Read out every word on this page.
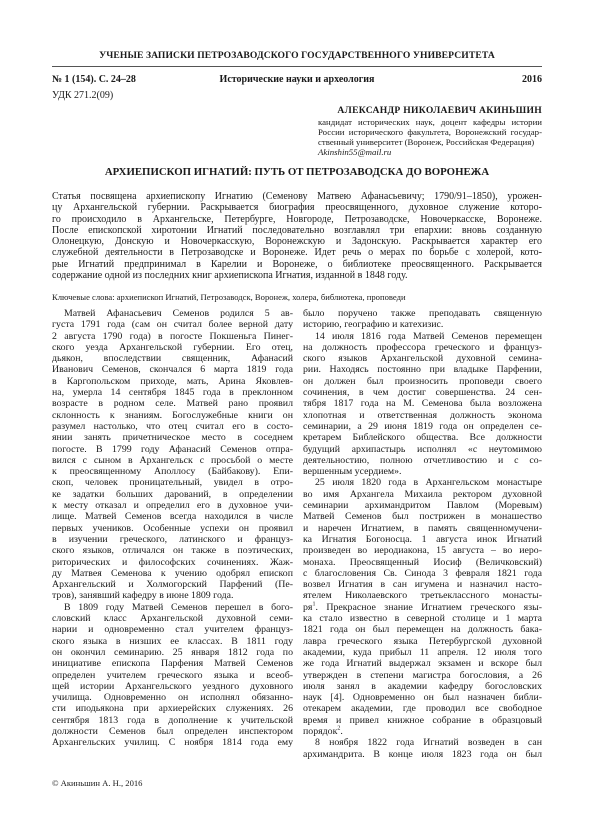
УЧЕНЫЕ ЗАПИСКИ ПЕТРОЗАВОДСКОГО ГОСУДАРСТВЕННОГО УНИВЕРСИТЕТА
Исторические науки и археология
№ 1 (154). С. 24–28	2016
УДК 271.2(09)
АЛЕКСАНДР НИКОЛАЕВИЧ АКИНЬШИН
кандидат исторических наук, доцент кафедры истории
России исторического факультета, Воронежский государ-
ственный университет (Воронеж, Российская Федерация)
Akinshin55@mail.ru
АРХИЕПИСКОП ИГНАТИЙ: ПУТЬ ОТ ПЕТРОЗАВОДСКА ДО ВОРОНЕЖА
Статья посвящена архиепископу Игнатию (Семенову Матвею Афанасьевичу; 1790/91–1850), урожен-
цу Архангельской губернии. Раскрывается биография преосвященного, духовное служение которо-
го происходило в Архангельске, Петербурге, Новгороде, Петрозаводске, Новочеркасске, Воронеже.
После епископской хиротонии Игнатий последовательно возглавлял три епархии: вновь созданную
Олонецкую, Донскую и Новочеркасскую, Воронежскую и Задонскую. Раскрывается характер его
служебной деятельности в Петрозаводске и Воронеже. Идет речь о мерах по борьбе с холерой, кото-
рые Игнатий предпринимал в Карелии и Воронеже, о библиотеке преосвященного. Раскрывается
содержание одной из последних книг архиепископа Игнатия, изданной в 1848 году.
Ключевые слова: архиепископ Игнатий, Петрозаводск, Воронеж, холера, библиотека, проповеди
Матвей Афанасьевич Семенов родился 5 ав-
густа 1791 года (сам он считал более верной дату
2 августа 1790 года) в погосте Покшеньга Пинег-
ского уезда Архангельской губернии. Его отец,
дьякон, впоследствии священник, Афанасий
Иванович Семенов, скончался 6 марта 1819 года
в Каргопольском приходе, мать, Арина Яковлев-
на, умерла 14 сентября 1845 года в преклонном
возрасте в родном селе. Матвей рано проявил
склонность к знаниям. Богослужебные книги он
разумел настолько, что отец считал его в состо-
янии занять причетническое место в соседнем
погосте. В 1799 году Афанасий Семенов отпра-
вился с сыном в Архангельск с просьбой о месте
к преосвященному Аполлосу (Байбакову). Епи-
скоп, человек проницательный, увидел в отро-
ке задатки больших дарований, в определении
к месту отказал и определил его в духовное учи-
лище. Матвей Семенов всегда находился в числе
первых учеников. Особенные успехи он проявил
в изучении греческого, латинского и француз-
ского языков, отличался он также в поэтических,
риторических и философских сочинениях. Жаж-
ду Матвея Семенова к учению одобрял епископ
Архангельский и Холмогорский Парфений (Пе-
тров), занявший кафедру в июне 1809 года.
В 1809 году Матвей Семенов перешел в бого-
словский класс Архангельской духовной семи-
нарии и одновременно стал учителем француз-
ского языка в низших ее классах. В 1811 году
он окончил семинарию. 25 января 1812 года по
инициативе епископа Парфения Матвей Семенов
определен учителем греческого языка и всеоб-
щей истории Архангельского уездного духовного
училища. Одновременно он исполнял обязанно-
сти иподьякона при архиерейских служениях. 26
сентября 1813 года в дополнение к учительской
должности Семенов был определен инспектором
Архангельских училищ. С ноября 1814 года ему
было поручено также преподавать священную
историю, географию и катехизис.
14 июля 1816 года Матвей Семенов перемещен
на должность профессора греческого и француз-
ского языков Архангельской духовной семина-
рии. Находясь постоянно при владыке Парфении,
он должен был произносить проповеди своего
сочинения, в чем достиг совершенства. 24 сен-
тября 1817 года на М. Семенова была возложена
хлопотная и ответственная должность эконома
семинарии, а 29 июня 1819 года он определен се-
кретарем Библейского общества. Все должности
будущий архипастырь исполнял «с неутомимою
деятельностию, полною отчетливостию и с со-
вершенным усердием».
25 июля 1820 года в Архангельском монастыре
во имя Архангела Михаила ректором духовной
семинарии архимандритом Павлом (Моревым)
Матвей Семенов был пострижен в монашество
и наречен Игнатием, в память священномучени-
ка Игнатия Богоносца. 1 августа инок Игнатий
произведен во иеродиакона, 15 августа – во иеро-
монаха. Преосвященный Иосиф (Величковский)
с благословения Св. Синода 3 февраля 1821 года
возвел Игнатия в сан игумена и назначил насто-
ятелем Николаевского третьеклассного монасты-
$ря^1$. Прекрасное знание Игнатием греческого язы-
ка стало известно в северной столице и 1 марта
1821 года он был перемещен на должность бака-
лавра греческого языка Петербургской духовной
академии, куда прибыл 11 апреля. 12 июля того
же года Игнатий выдержал экзамен и вскоре был
утвержден в степени магистра богословия, а 26
июля занял в академии кафедру богословских
наук [4]. Одновременно он был назначен библи-
отекарем академии, где проводил все свободное
время и привел книжное собрание в образцовый
порядок$^2$.
8 ноября 1822 года Игнатий возведен в сан
архимандрита. В конце июля 1823 года он был
© Акиньшин А. Н., 2016
